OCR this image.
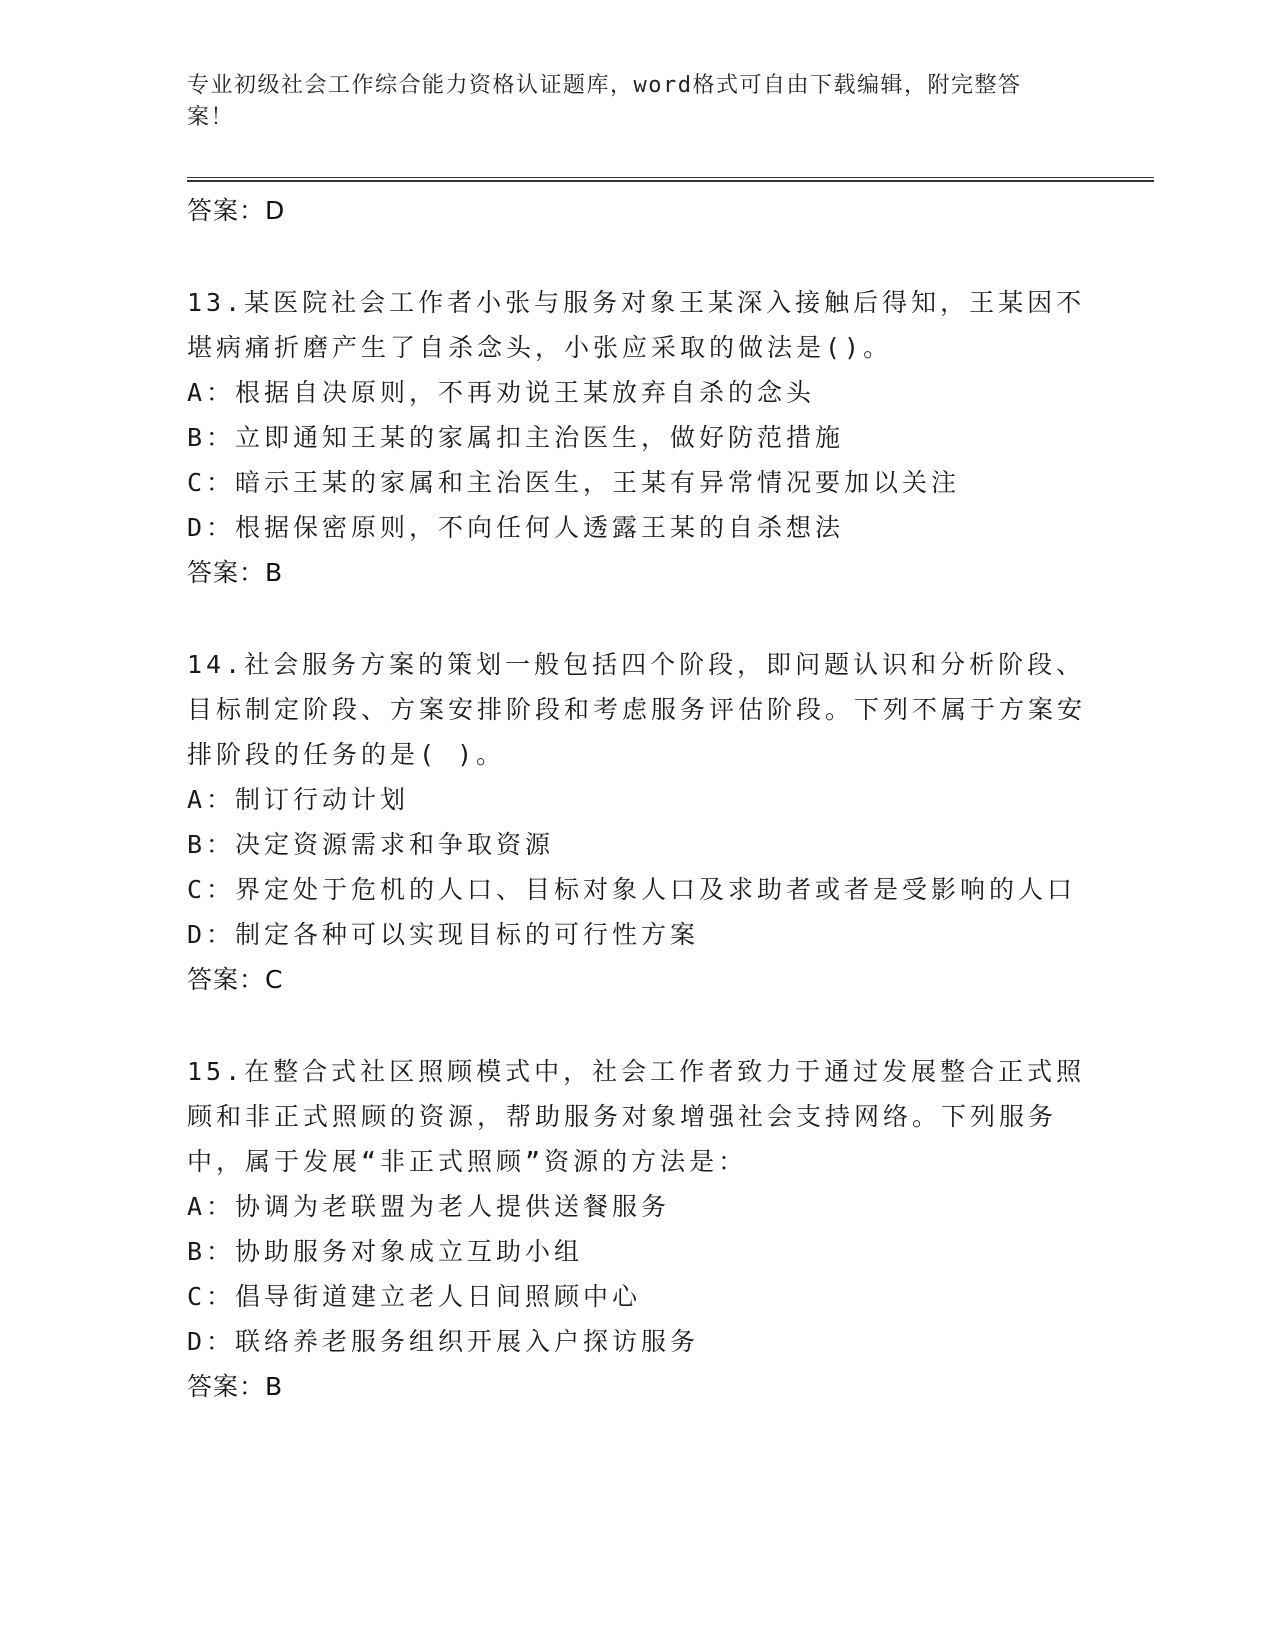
专业初级社会工作综合能力资格认证题库，word格式可自由下载编辑，附完整答案！
答案：D

13.某医院社会工作者小张与服务对象王某深入接触后得知，王某因不堪病痛折磨产生了自杀念头，小张应采取的做法是()。

A：根据自决原则，不再劝说王某放弃自杀的念头

B：立即通知王某的家属扣主治医生，做好防范措施

C：暗示王某的家属和主治医生，王某有异常情况要加以关注

D：根据保密原则，不向任何人透露王某的自杀想法

答案：B

14.社会服务方案的策划一般包括四个阶段，即问题认识和分析阶段、目标制定阶段、方案安排阶段和考虑服务评估阶段。下列不属于方案安排阶段的任务的是( )。

A：制订行动计划

B：决定资源需求和争取资源

C：界定处于危机的人口、目标对象人口及求助者或者是受影响的人口

D：制定各种可以实现目标的可行性方案

答案：C

15.在整合式社区照顾模式中，社会工作者致力于通过发展整合正式照顾和非正式照顾的资源，帮助服务对象增强社会支持网络。下列服务中，属于发展“非正式照顾”资源的方法是：

A：协调为老联盟为老人提供送餐服务

B：协助服务对象成立互助小组

C：倡导街道建立老人日间照顾中心

D：联络养老服务组织开展入户探访服务

答案：B
